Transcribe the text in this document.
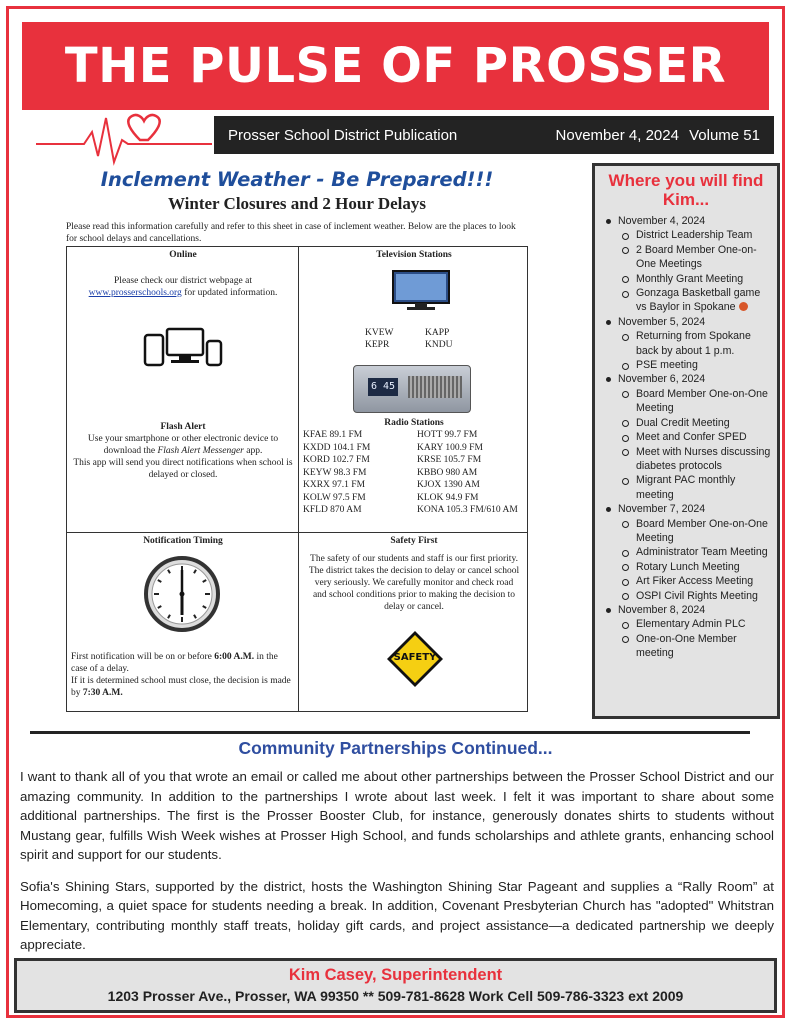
THE PULSE OF PROSSER
Prosser School District Publication	November 4, 2024 Volume 51
Inclement Weather - Be Prepared!!!
Winter Closures and 2 Hour Delays
Please read this information carefully and refer to this sheet in case of inclement weather. Below are the places to look for school delays and cancellations.
Online

Please check our district webpage at
www.prosserschools.org for updated information.

Flash Alert

Use your smartphone or other electronic device to download the Flash Alert Messenger app.
This app will send you direct notifications when school is delayed or closed.

Television Stations
KVEW	KAPP
KEPR	KNDU
6 45
Radio Stations
KFAE 89.1 FM	HOTT 99.7 FM
KXDD 104.1 FM	KARY 100.9 FM
KORD 102.7 FM	KRSE 105.7 FM
KEYW 98.3 FM	KBBO 980 AM
KXRX 97.1 FM	KJOX 1390 AM
KOLW 97.5 FM	KLOK 94.9 FM
KFLD 870 AM	KONA 105.3 FM/610 AM
Notification Timing

First notification will be on or before 6:00 A.M. in the case of a delay.
If it is determined school must close, the decision is made by 7:30 A.M.

Safety First

The safety of our students and staff is our first priority. The district takes the decision to delay or cancel school very seriously. We carefully monitor and check road and school conditions prior to making the decision to delay or cancel.

SAFETY
Where you will find Kim...
November 4, 2024
District Leadership Team
2 Board Member One-on-One Meetings
Monthly Grant Meeting
Gonzaga Basketball game vs Baylor in Spokane
November 5, 2024
Returning from Spokane back by about 1 p.m.
PSE meeting
November 6, 2024
Board Member One-on-One Meeting
Dual Credit Meeting
Meet and Confer SPED
Meet with Nurses discussing diabetes protocols
Migrant PAC monthly meeting
November 7, 2024
Board Member One-on-One Meeting
Administrator Team Meeting
Rotary Lunch Meeting
Art Fiker Access Meeting
OSPI Civil Rights Meeting
November 8, 2024
Elementary Admin PLC
One-on-One Member meeting
Community Partnerships Continued...

I want to thank all of you that wrote an email or called me about other partnerships between the Prosser School District and our amazing community. In addition to the partnerships I wrote about last week. I felt it was important to share about some additional partnerships. The first is the Prosser Booster Club, for instance, generously donates shirts to students without Mustang gear, fulfills Wish Week wishes at Prosser High School, and funds scholarships and athlete grants, enhancing school spirit and support for our students.

Sofia's Shining Stars, supported by the district, hosts the Washington Shining Star Pageant and supplies a “Rally Room” at Homecoming, a quiet space for students needing a break. In addition, Covenant Presbyterian Church has "adopted" Whitstran Elementary, contributing monthly staff treats, holiday gift cards, and project assistance—a dedicated partnership we deeply appreciate.

Kim Casey, Superintendent
1203 Prosser Ave., Prosser, WA 99350 ** 509-781-8628 Work Cell 509-786-3323 ext 2009
